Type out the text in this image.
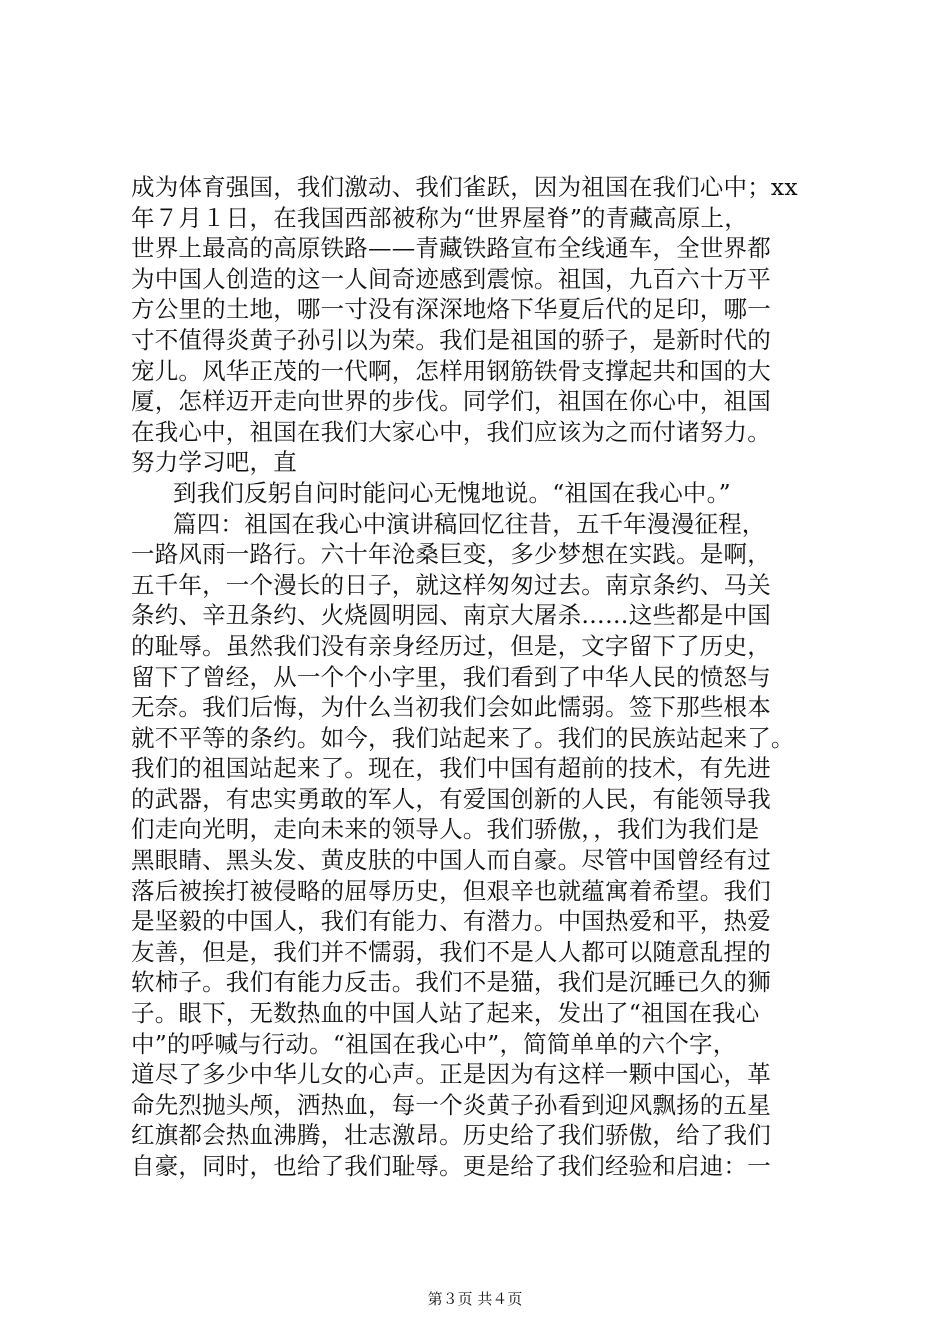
成为体育强国，我们激动、我们雀跃，因为祖国在我们心中；xx
年７月１日，在我国西部被称为“世界屋脊”的青藏高原上，
世界上最高的高原铁路——青藏铁路宣布全线通车，全世界都
为中国人创造的这一人间奇迹感到震惊。祖国，九百六十万平
方公里的土地，哪一寸没有深深地烙下华夏后代的足印，哪一
寸不值得炎黄子孙引以为荣。我们是祖国的骄子，是新时代的
宠儿。风华正茂的一代啊，怎样用钢筋铁骨支撑起共和国的大
厦，怎样迈开走向世界的步伐。同学们，祖国在你心中，祖国
在我心中，祖国在我们大家心中，我们应该为之而付诸努力。
努力学习吧，直
到我们反躬自问时能问心无愧地说。“祖国在我心中。”
篇四：祖国在我心中演讲稿回忆往昔，五千年漫漫征程，
一路风雨一路行。六十年沧桑巨变，多少梦想在实践。是啊，
五千年，一个漫长的日子，就这样匆匆过去。南京条约、马关
条约、辛丑条约、火烧圆明园、南京大屠杀……这些都是中国
的耻辱。虽然我们没有亲身经历过，但是，文字留下了历史，
留下了曾经，从一个个小字里，我们看到了中华人民的愤怒与
无奈。我们后悔，为什么当初我们会如此懦弱。签下那些根本
就不平等的条约。如今，我们站起来了。我们的民族站起来了。
我们的祖国站起来了。现在，我们中国有超前的技术，有先进
的武器，有忠实勇敢的军人，有爱国创新的人民，有能领导我
们走向光明，走向未来的领导人。我们骄傲，，我们为我们是
黑眼睛、黑头发、黄皮肤的中国人而自豪。尽管中国曾经有过
落后被挨打被侵略的屈辱历史，但艰辛也就蕴寓着希望。我们
是坚毅的中国人，我们有能力、有潜力。中国热爱和平，热爱
友善，但是，我们并不懦弱，我们不是人人都可以随意乱捏的
软柿子。我们有能力反击。我们不是猫，我们是沉睡已久的狮
子。眼下，无数热血的中国人站了起来，发出了“祖国在我心
中”的呼喊与行动。“祖国在我心中”，简简单单的六个字，
道尽了多少中华儿女的心声。正是因为有这样一颗中国心，革
命先烈抛头颅，洒热血，每一个炎黄子孙看到迎风飘扬的五星
红旗都会热血沸腾，壮志激昂。历史给了我们骄傲，给了我们
自豪，同时，也给了我们耻辱。更是给了我们经验和启迪：一
第３页 共４页
